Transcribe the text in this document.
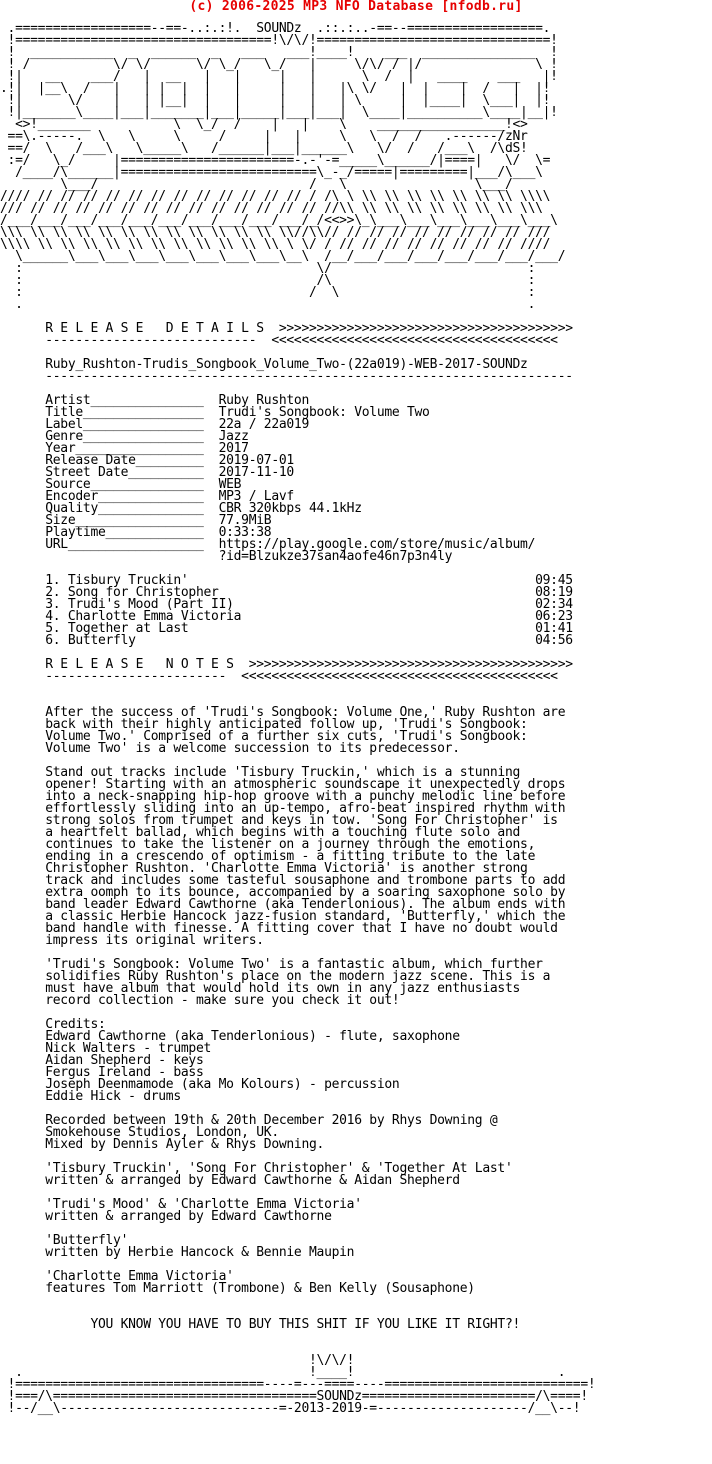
(c) 2006-2025 MP3 NFO Database [nfodb.ru]

.==================--==-..:.:!.  SOUNDz  .::.:..-==--==================.
!==================================!\/\/!===============================!
!  ___________  _  ______  _   ___   ___!____!    ___  _______________  !
! /           \/ \/      \/ \_/   \_/   |     \/\/ / |/               \ !
!|   __    ___/   |  __   |   |     |   |      \  /  |   ____    ___   |!
.!|  |__\  /   |   | |  |  |   |     |   |   |\ \/   |  |    |  /   |  |!
!|      \/    |   | |__|  |   |     |   |   | \     |  |____|  \___|  |!
!|_______\____|___|_______|___|_____|___|___|  \____|__________\____|__|!
<>!_______           \  \_/  /    |   |    \    _________________!<>
==\.-----.  \   \     \     /     |   |     \   \  /  /   .------/zNr
==/  \   /___\   \_____\   /______|___|______\   \/  /   /___\  /\dS!
:=/   \_/     |=======================-.-'-=_____\______/|====|   \/  \=
/____/\______|==========================\_-_/=====|=========|___/\___\
\___/                            /   \                 \___/
//// // // // // // // // // // // // // / /\ \ \\ \\ \\ \\ \\ \\ \\ \\\\
/// // // // // // // // // // // // // // //\\ \\ \\ \\ \\ \\ \\ \\ \\\
/___/___/___/___/___/___/___/___/___/___/_/<<>>\_\___\___\___\___\___\___\
\\\ \\ \\ \\ \\ \\ \\ \\ \\ \\ \\ \\ \\//\\// // // // // // // // // ///
\\\\ \\ \\ \\ \\ \\ \\ \\ \\ \\ \\ \\ \ \/ / // // // // // // // // ////
\______\___\___\___\___\___\___\___\__\  /__/___/___/___/___/___/___/___/
:                                       \/                          :
:                                       /\                          :
:                                      /  \                         :
.                                                                   .

R E L E A S E   D E T A I L S  >>>>>>>>>>>>>>>>>>>>>>>>>>>>>>>>>>>>>>>
----------------------------  <<<<<<<<<<<<<<<<<<<<<<<<<<<<<<<<<<<<<<

Ruby_Rushton-Trudis_Songbook_Volume_Two-(22a019)-WEB-2017-SOUNDz
----------------------------------------------------------------------

Artist_______________  Ruby Rushton
Title________________  Trudi's Songbook: Volume Two
Label________________  22a / 22a019
Genre________________  Jazz
Year_________________  2017
Release Date_________  2019-07-01
Street Date__________  2017-11-10
Source_______________  WEB
Encoder______________  MP3 / Lavf
Quality______________  CBR 320kbps 44.1kHz
Size_________________  77.9MiB
Playtime_____________  0:33:38
URL__________________  https://play.google.com/store/music/album/
?id=Blzukze37san4aofe46n7p3n4ly

1. Tisbury Truckin'                                              09:45
2. Song for Christopher                                          08:19
3. Trudi's Mood (Part II)                                        02:34
4. Charlotte Emma Victoria                                       06:23
5. Together at Last                                              01:41
6. Butterfly                                                     04:56

R E L E A S E   N O T E S  >>>>>>>>>>>>>>>>>>>>>>>>>>>>>>>>>>>>>>>>>>>
------------------------  <<<<<<<<<<<<<<<<<<<<<<<<<<<<<<<<<<<<<<<<<<

After the success of 'Trudi's Songbook: Volume One,' Ruby Rushton are
back with their highly anticipated follow up, 'Trudi's Songbook:
Volume Two.' Comprised of a further six cuts, 'Trudi's Songbook:
Volume Two' is a welcome succession to its predecessor.

Stand out tracks include 'Tisbury Truckin,' which is a stunning
opener! Starting with an atmospheric soundscape it unexpectedly drops
into a neck-snapping hip-hop groove with a punchy melodic line before
effortlessly sliding into an up-tempo, afro-beat inspired rhythm with
strong solos from trumpet and keys in tow. 'Song For Christopher' is
a heartfelt ballad, which begins with a touching flute solo and
continues to take the listener on a journey through the emotions,
ending in a crescendo of optimism - a fitting tribute to the late
Christopher Rushton. 'Charlotte Emma Victoria' is another strong
track and includes some tasteful sousaphone and trombone parts to add
extra oomph to its bounce, accompanied by a soaring saxophone solo by
band leader Edward Cawthorne (aka Tenderlonious). The album ends with
a classic Herbie Hancock jazz-fusion standard, 'Butterfly,' which the
band handle with finesse. A fitting cover that I have no doubt would
impress its original writers.

'Trudi's Songbook: Volume Two' is a fantastic album, which further
solidifies Ruby Rushton's place on the modern jazz scene. This is a
must have album that would hold its own in any jazz enthusiasts
record collection - make sure you check it out!

Credits:
Edward Cawthorne (aka Tenderlonious) - flute, saxophone
Nick Walters - trumpet
Aidan Shepherd - keys
Fergus Ireland - bass
Joseph Deenmamode (aka Mo Kolours) - percussion
Eddie Hick - drums

Recorded between 19th & 20th December 2016 by Rhys Downing @
Smokehouse Studios, London, UK.
Mixed by Dennis Ayler & Rhys Downing.

'Tisbury Truckin', 'Song For Christopher' & 'Together At Last'
written & arranged by Edward Cawthorne & Aidan Shepherd

'Trudi's Mood' & 'Charlotte Emma Victoria'
written & arranged by Edward Cawthorne

'Butterfly'
written by Herbie Hancock & Bennie Maupin

'Charlotte Emma Victoria'
features Tom Marriott (Trombone) & Ben Kelly (Sousaphone)

YOU KNOW YOU HAVE TO BUY THIS SHIT IF YOU LIKE IT RIGHT?!

!\/\/!
.                                      !____!                           .
!=================================----=---====----===========================!
!===/\===================================SOUNDz=======================/\====!
!--/__\-----------------------------=-2013-2019-=--------------------/__\--!
